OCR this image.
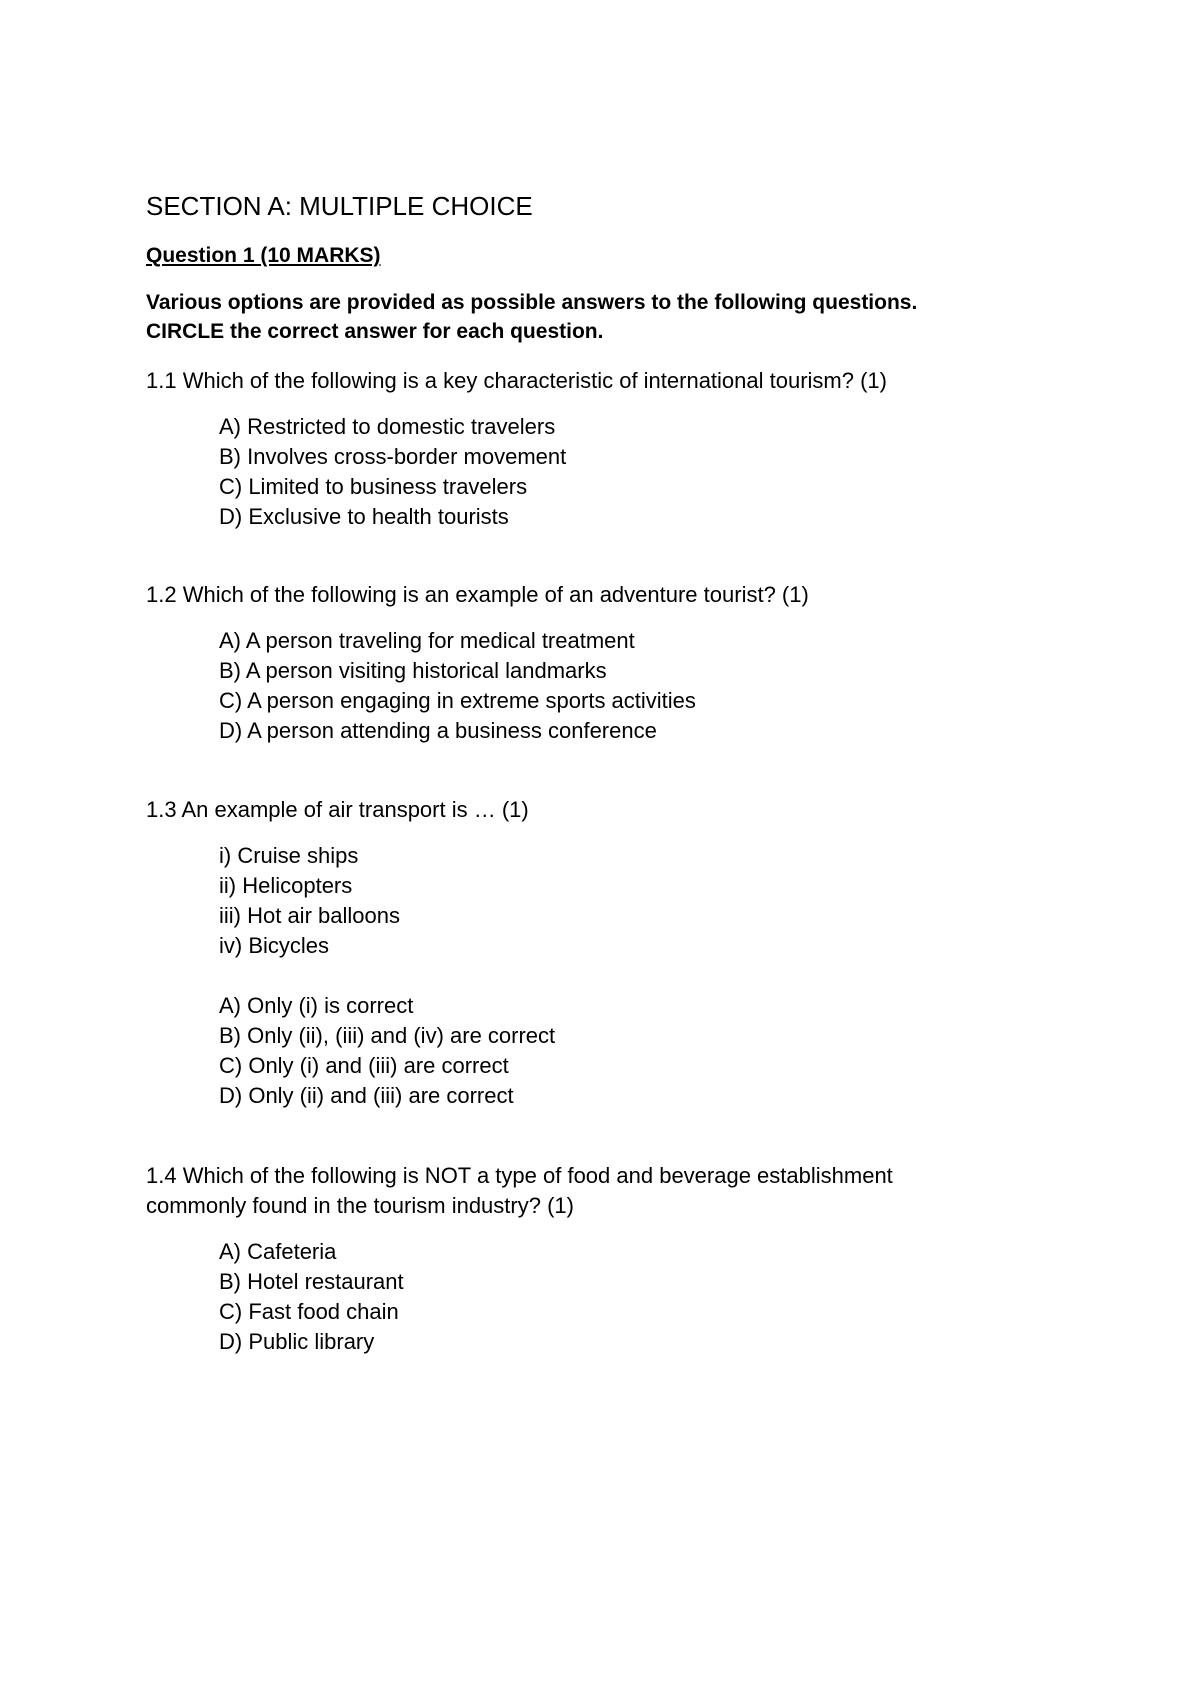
SECTION A: MULTIPLE CHOICE
Question 1 (10 MARKS)
Various options are provided as possible answers to the following questions.
CIRCLE the correct answer for each question.
1.1 Which of the following is a key characteristic of international tourism? (1)
A) Restricted to domestic travelers
B) Involves cross-border movement
C) Limited to business travelers
D) Exclusive to health tourists
1.2 Which of the following is an example of an adventure tourist? (1)
A) A person traveling for medical treatment
B) A person visiting historical landmarks
C) A person engaging in extreme sports activities
D) A person attending a business conference
1.3 An example of air transport is … (1)
i) Cruise ships
ii) Helicopters
iii) Hot air balloons
iv) Bicycles
A) Only (i) is correct
B) Only (ii), (iii) and (iv) are correct
C) Only (i) and (iii) are correct
D) Only (ii) and (iii) are correct
1.4 Which of the following is NOT a type of food and beverage establishment
commonly found in the tourism industry? (1)
A) Cafeteria
B) Hotel restaurant
C) Fast food chain
D) Public library
